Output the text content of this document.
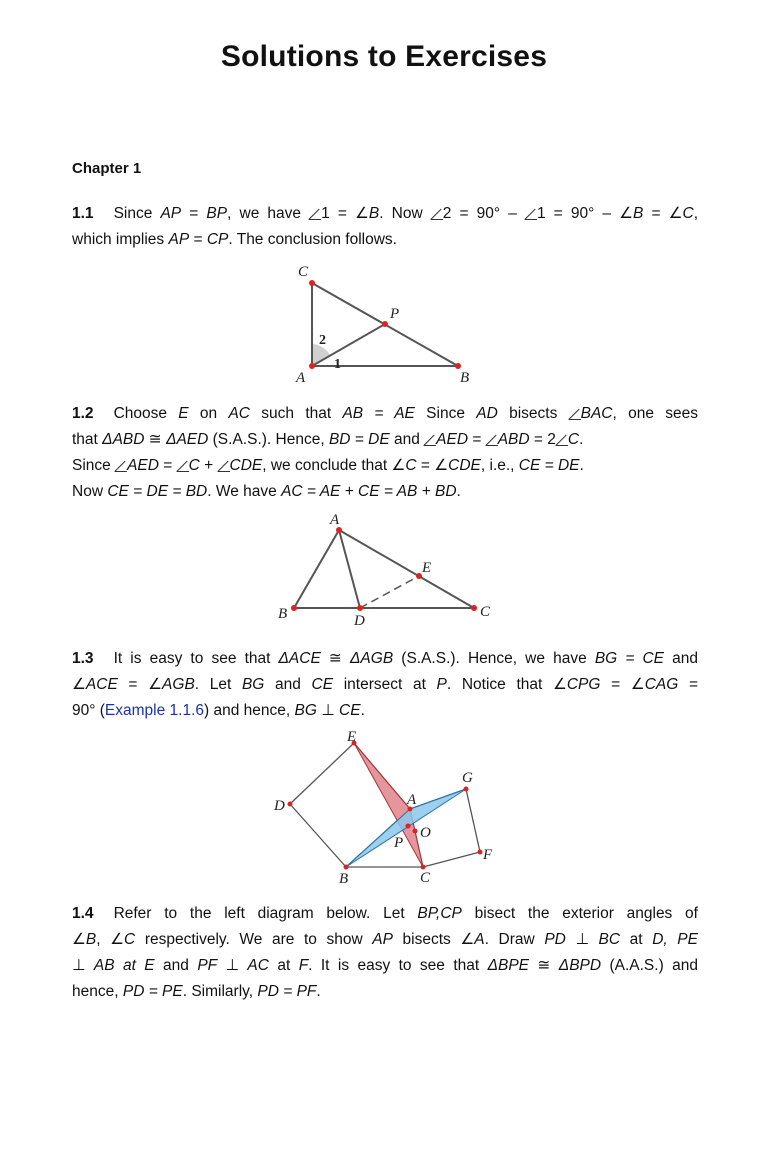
Solutions to Exercises
Chapter 1
1.1 Since AP = BP, we have 1 = ∠B. Now 2 = 90° – 1 = 90° – ∠B = ∠C,
which implies AP = CP. The conclusion follows.
C
P
A	B
1
2
1.2 Choose E on AC such that AB = AE Since AD bisects BAC, one sees
that ΔABD ≅ ΔAED (S.A.S.). Hence, BD = DE and AED = ABD = 2 C.
Since AED = C + CDE, we conclude that ∠C = ∠CDE, i.e., CE = DE.
Now CE = DE = BD. We have AC = AE + CE = AB + BD.
A
E
B	D
C
1.3 It is easy to see that ΔACE ≅ ΔAGB (S.A.S.). Hence, we have BG = CE and
∠ACE = ∠AGB. Let BG and CE intersect at P. Notice that ∠CPG = ∠CAG =
90° (Example 1.1.6) and hence, BG ⊥ CE.
E
G
D	A
O
P
F
B	C
1.4 Refer to the left diagram below. Let BP,CP bisect the exterior angles of
∠B, ∠C respectively. We are to show AP bisects ∠A. Draw PD ⊥ BC at D, PE
⊥ AB at E and PF ⊥ AC at F. It is easy to see that ΔBPE ≅ ΔBPD (A.A.S.) and
hence, PD = PE. Similarly, PD = PF.
